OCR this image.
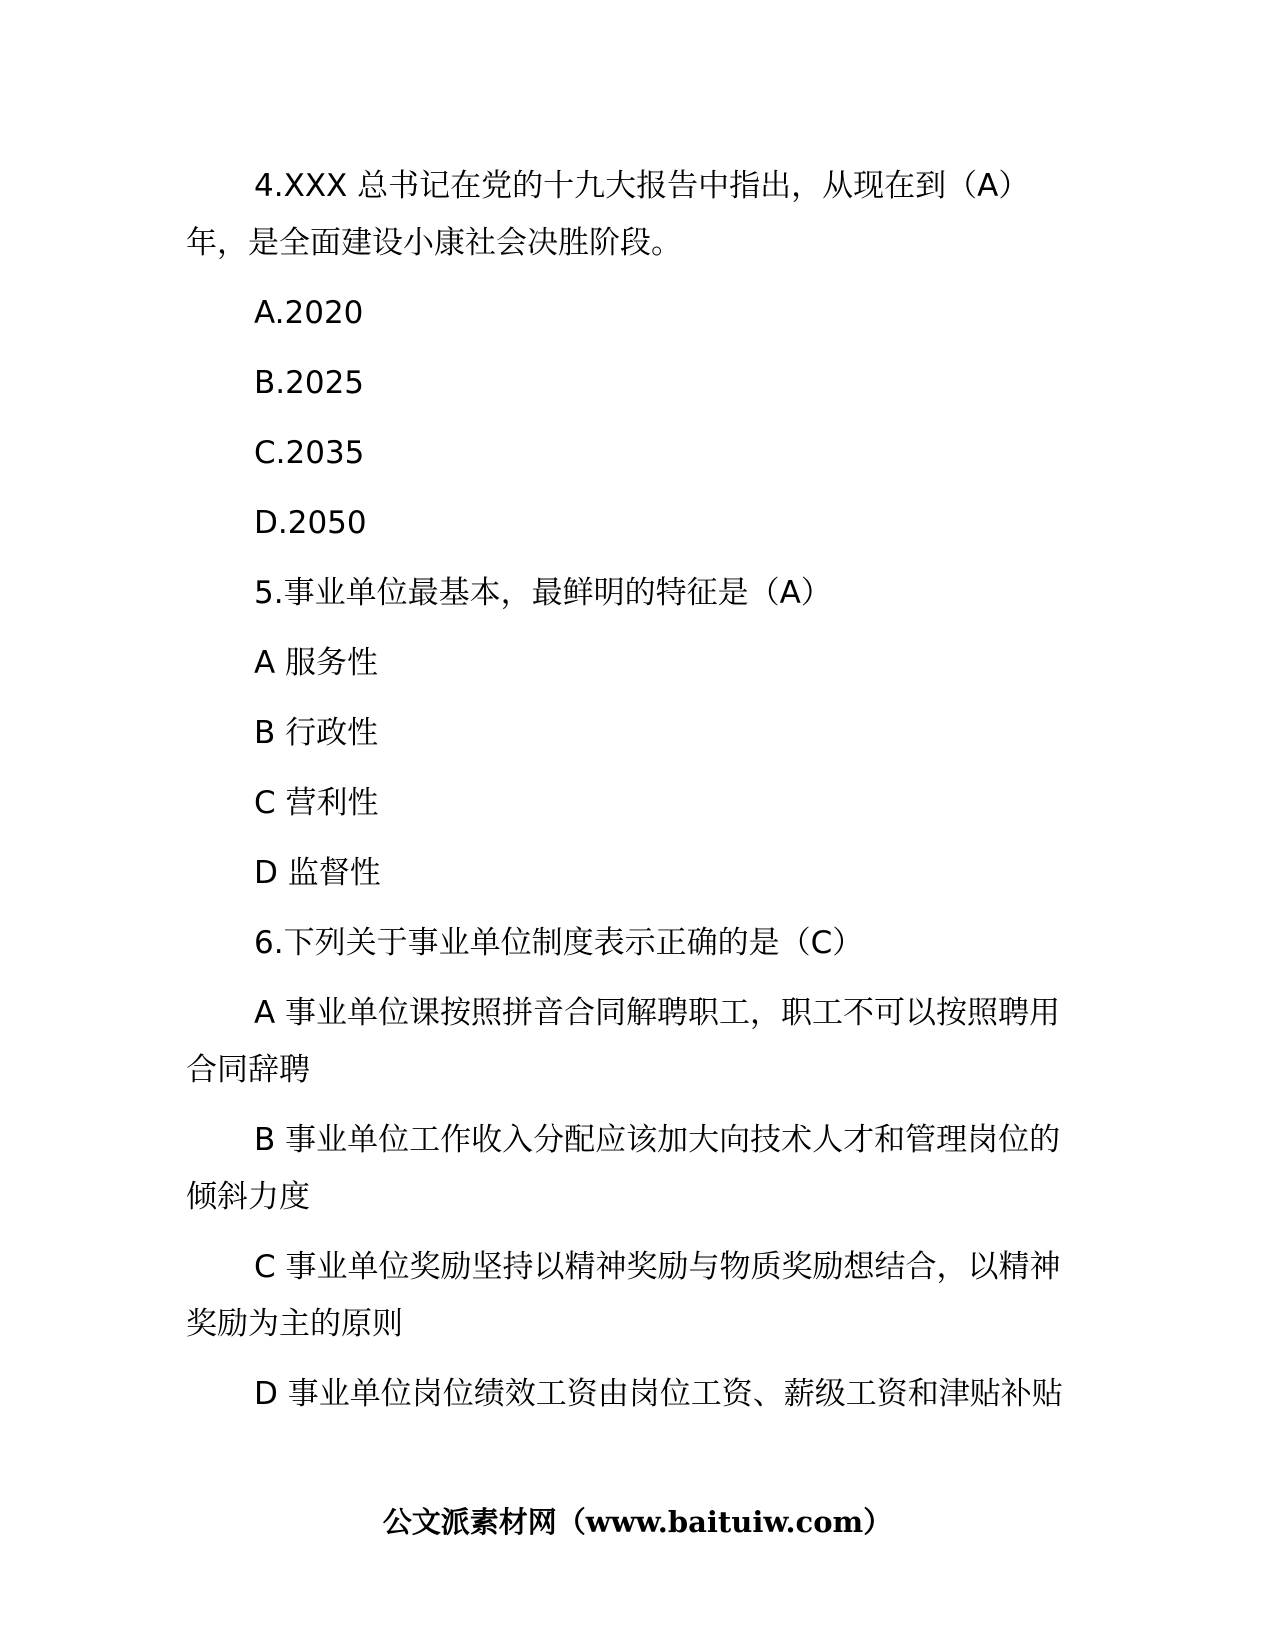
4.XXX 总书记在党的十九大报告中指出，从现在到（A）年，是全面建设小康社会决胜阶段。

A.2020

B.2025

C.2035

D.2050

5.事业单位最基本，最鲜明的特征是（A）

A 服务性

B 行政性

C 营利性

D 监督性

6.下列关于事业单位制度表示正确的是（C）

A 事业单位课按照拼音合同解聘职工，职工不可以按照聘用合同辞聘

B 事业单位工作收入分配应该加大向技术人才和管理岗位的倾斜力度

C 事业单位奖励坚持以精神奖励与物质奖励想结合，以精神奖励为主的原则

D 事业单位岗位绩效工资由岗位工资、薪级工资和津贴补贴

公文派素材网（www.baituiw.com）
